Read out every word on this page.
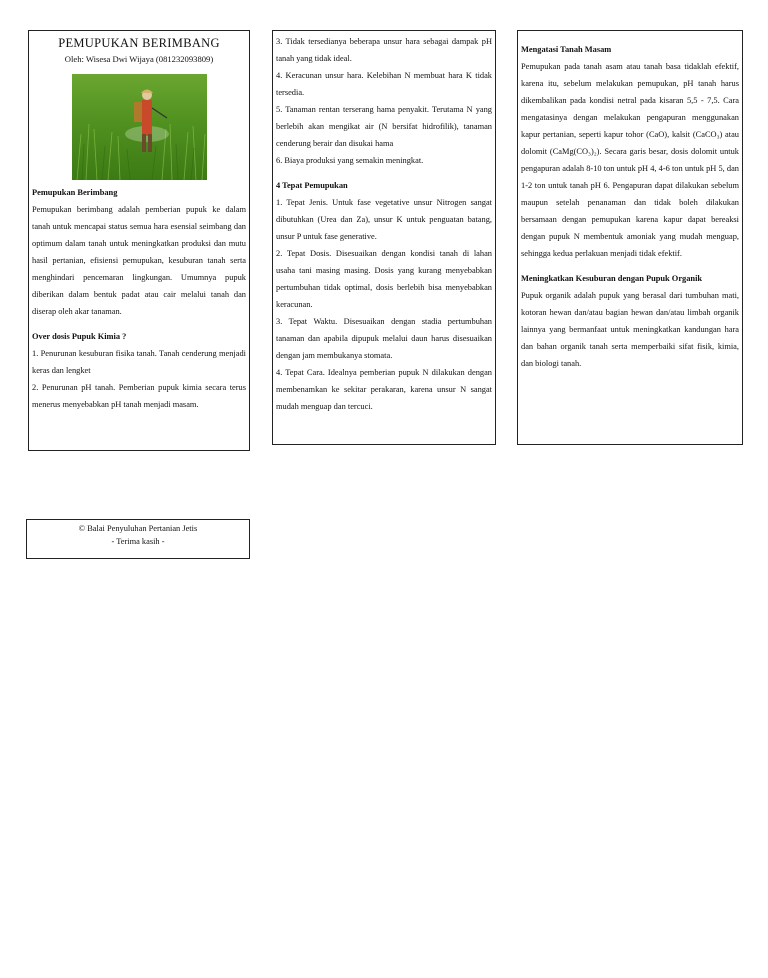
PEMUPUKAN BERIMBANG
Oleh: Wisesa Dwi Wijaya (081232093809)

Pemupukan Berimbang

Pemupukan berimbang adalah pemberian pupuk ke dalam tanah untuk mencapai status semua hara esensial seimbang dan optimum dalam tanah untuk meningkatkan produksi dan mutu hasil pertanian, efisiensi pemupukan, kesuburan tanah serta menghindari pencemaran lingkungan. Umumnya pupuk diberikan dalam bentuk padat atau cair melalui tanah dan diserap oleh akar tanaman.

Over dosis Pupuk Kimia ?

1. Penurunan kesuburan fisika tanah. Tanah cenderung menjadi keras dan lengket

2. Penurunan pH tanah. Pemberian pupuk kimia secara terus menerus menyebabkan pH tanah menjadi masam.

3. Tidak tersedianya beberapa unsur hara sebagai dampak pH tanah yang tidak ideal.

4. Keracunan unsur hara. Kelebihan N membuat hara K tidak tersedia.

5. Tanaman rentan terserang hama penyakit. Terutama N yang berlebih akan mengikat air (N bersifat hidrofilik), tanaman cenderung berair dan disukai hama

6. Biaya produksi yang semakin meningkat.

4 Tepat Pemupukan

1. Tepat Jenis. Untuk fase vegetative unsur Nitrogen sangat dibutuhkan (Urea dan Za), unsur K untuk penguatan batang, unsur P untuk fase generative.

2. Tepat Dosis. Disesuaikan dengan kondisi tanah di lahan usaha tani masing masing. Dosis yang kurang menyebabkan pertumbuhan tidak optimal, dosis berlebih bisa menyebabkan keracunan.

3. Tepat Waktu. Disesuaikan dengan stadia pertumbuhan tanaman dan apabila dipupuk melalui daun harus disesuaikan dengan jam membukanya stomata.

4. Tepat Cara. Idealnya pemberian pupuk N dilakukan dengan membenamkan ke sekitar perakaran, karena unsur N sangat mudah menguap dan tercuci.

Mengatasi Tanah Masam

Pemupukan pada tanah asam atau tanah basa tidaklah efektif, karena itu, sebelum melakukan pemupukan, pH tanah harus dikembalikan pada kondisi netral pada kisaran 5,5 - 7,5. Cara mengatasinya dengan melakukan pengapuran menggunakan kapur pertanian, seperti kapur tohor (CaO), kalsit (CaCO₃) atau dolomit (CaMg(CO₃)₂). Secara garis besar, dosis dolomit untuk pengapuran adalah 8-10 ton untuk pH 4, 4-6 ton untuk pH 5, dan 1-2 ton untuk tanah pH 6. Pengapuran dapat dilakukan sebelum maupun setelah penanaman dan tidak boleh dilakukan bersamaan dengan pemupukan karena kapur dapat bereaksi dengan pupuk N membentuk amoniak yang mudah menguap, sehingga kedua perlakuan menjadi tidak efektif.

Meningkatkan Kesuburan dengan Pupuk Organik

Pupuk organik adalah pupuk yang berasal dari tumbuhan mati, kotoran hewan dan/atau bagian hewan dan/atau limbah organik lainnya yang bermanfaat untuk meningkatkan kandungan hara dan bahan organik tanah serta memperbaiki sifat fisik, kimia, dan biologi tanah.

© Balai Penyuluhan Pertanian Jetis
- Terima kasih -
